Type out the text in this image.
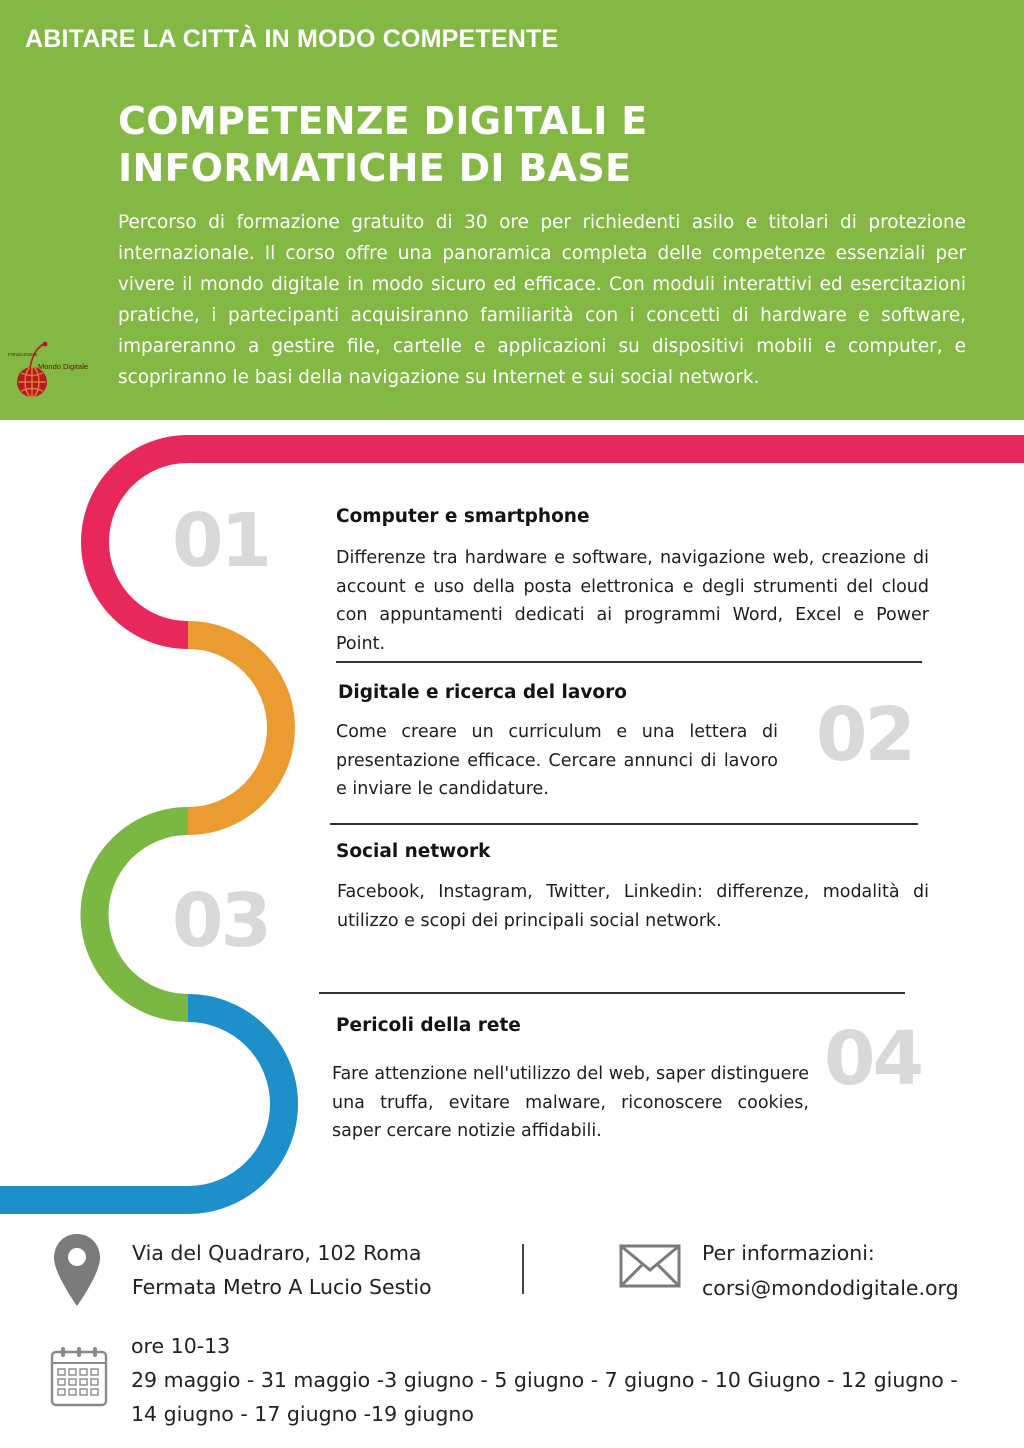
ABITARE LA CITTÀ IN MODO COMPETENTE
COMPETENZE DIGITALI E
INFORMATICHE DI BASE
Percorso di formazione gratuito di 30 ore per richiedenti asilo e titolari di protezione internazionale. Il corso offre una panoramica completa delle competenze essenziali per vivere il mondo digitale in modo sicuro ed efficace. Con moduli interattivi ed esercitazioni pratiche, i partecipanti acquisiranno familiarità con i concetti di hardware e software, impareranno a gestire file, cartelle e applicazioni su dispositivi mobili e computer, e scopriranno le basi della navigazione su Internet e sui social network.
FONDAZIONE
Mondo Digitale
01	Computer e smartphone
Differenze tra hardware e software, navigazione web, creazione di account e uso della posta elettronica e degli strumenti del cloud con appuntamenti dedicati ai programmi Word, Excel e Power Point.
Digitale e ricerca del lavoro
Come creare un curriculum e una lettera di presentazione efficace. Cercare annunci di lavoro e inviare le candidature.
02
03
Social network
Facebook, Instagram, Twitter, Linkedin: differenze, modalità di utilizzo e scopi dei principali social network.
Pericoli della rete
Fare attenzione nell'utilizzo del web, saper distinguere una truffa, evitare malware, riconoscere cookies, saper cercare notizie affidabili.
04
Via del Quadraro, 102 Roma
Fermata Metro A Lucio Sestio
Per informazioni:
corsi@mondodigitale.org
ore 10-13
29 maggio - 31 maggio -3 giugno - 5 giugno - 7 giugno - 10 Giugno - 12 giugno -
14 giugno - 17 giugno -19 giugno
